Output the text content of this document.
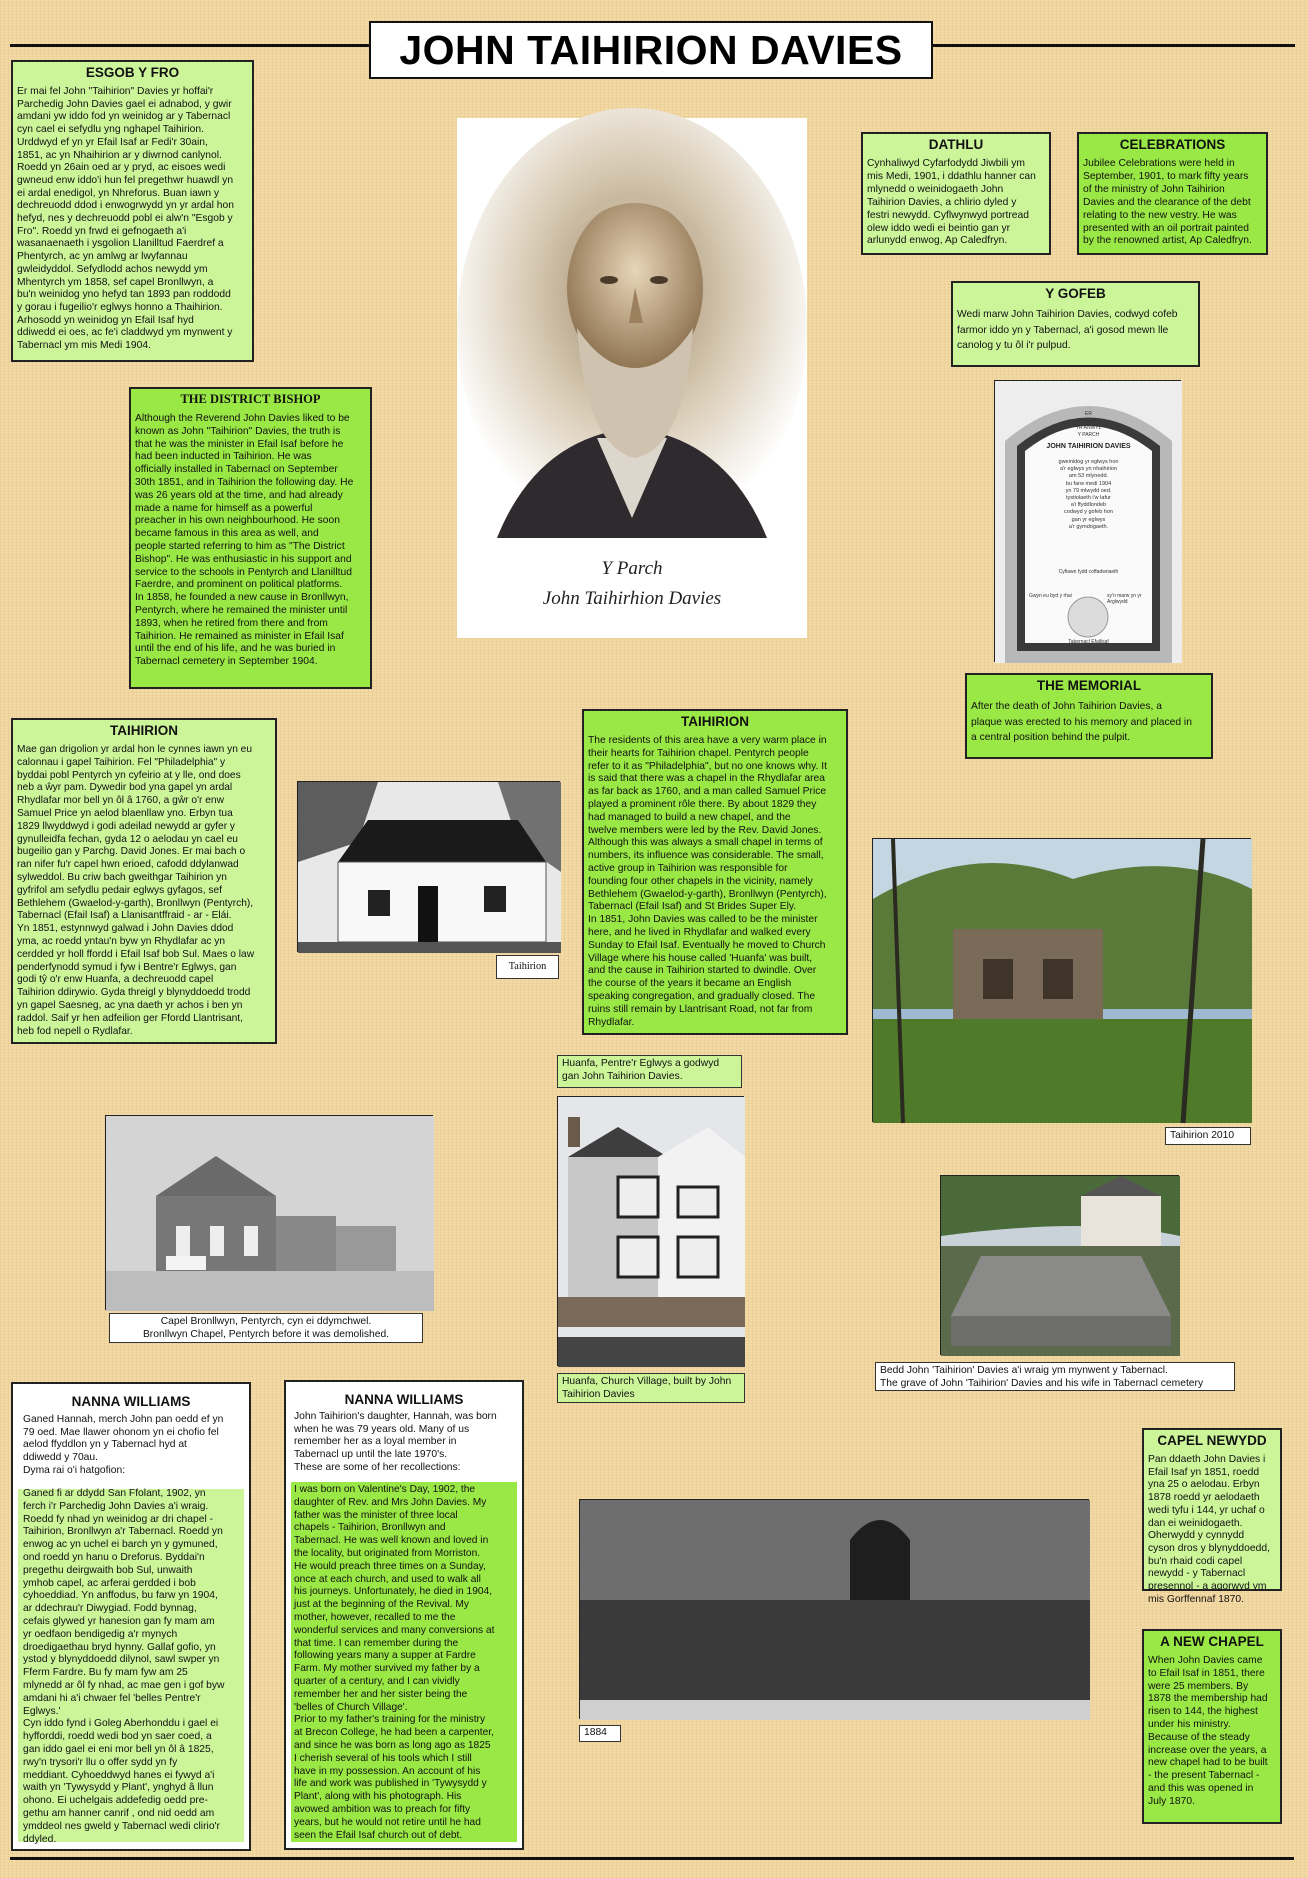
JOHN TAIHIRION DAVIES
ESGOB Y FRO

Er mai fel John "Taihirion" Davies yr hoffai'r
Parchedig John Davies gael ei adnabod, y gwir
amdani yw iddo fod yn weinidog ar y Tabernacl
cyn cael ei sefydlu yng nghapel Taihirion.
Urddwyd ef yn yr Efail Isaf ar Fedi'r 30ain,
1851, ac yn Nhaihirion ar y diwrnod canlynol.
Roedd yn 26ain oed ar y pryd, ac eisoes wedi
gwneud enw iddo'i hun fel pregethwr huawdl yn
ei ardal enedigol, yn Nhreforus. Buan iawn y
dechreuodd ddod i enwogrwydd yn yr ardal hon
hefyd, nes y dechreuodd pobl ei alw'n "Esgob y
Fro". Roedd yn frwd ei gefnogaeth a'i
wasanaenaeth i ysgolion Llanilltud Faerdref a
Phentyrch, ac yn amlwg ar lwyfannau
gwleidyddol. Sefydlodd achos newydd ym
Mhentyrch ym 1858, sef capel Bronllwyn, a
bu'n weinidog yno hefyd tan 1893 pan roddodd
y gorau i fugeilio'r eglwys honno a Thaihirion.
Arhosodd yn weinidog yn Efail Isaf hyd
ddiwedd ei oes, ac fe'i claddwyd ym mynwent y
Tabernacl ym mis Medi 1904.

THE DISTRICT BISHOP

Although the Reverend John Davies liked to be
known as John "Taihirion" Davies, the truth is
that he was the minister in Efail Isaf before he
had been inducted in Taihirion. He was
officially installed in Tabernacl on September
30th 1851, and in Taihirion the following day. He
was 26 years old at the time, and had already
made a name for himself as a powerful
preacher in his own neighbourhood. He soon
became famous in this area as well, and
people started referring to him as "The District
Bishop". He was enthusiastic in his support and
service to the schools in Pentyrch and Llanilltud
Faerdre, and prominent on political platforms.
In 1858, he founded a new cause in Bronllwyn,
Pentyrch, where he remained the minister until
1893, when he retired from there and from
Taihirion. He remained as minister in Efail Isaf
until the end of his life, and he was buried in
Tabernacl cemetery in September 1904.

Y Parch
John Taihirhion Davies
DATHLU

Cynhaliwyd Cyfarfodydd Jiwbili ym
mis Medi, 1901, i ddathlu hanner can
mlynedd o weinidogaeth John
Taihirion Davies, a chlirio dyled y
festri newydd. Cyflwynwyd portread
olew iddo wedi ei beintio gan yr
arlunydd enwog, Ap Caledfryn.

CELEBRATIONS

Jubilee Celebrations were held in
September, 1901, to mark fifty years
of the ministry of John Taihirion
Davies and the clearance of the debt
relating to the new vestry. He was
presented with an oil portrait painted
by the renowned artist, Ap Caledfryn.

Y GOFEB

Wedi marw John Taihirion Davies, codwyd cofeb
farmor iddo yn y Tabernacl, a'i gosod mewn lle
canolog y tu ôl i'r pulpud.

ER
COF AM Y
YR ANWYL
Y PARCH
JOHN TAIHIRION DAVIES
gweinidog yr eglwys hon
a'r eglwys yn nhaihirion
am 53 mlynedd.
bu farw medi 1904
yn 79 mlwydd oed.
tystiolaeth i'w lafur
a'i ffyddlondeb
codwyd y gofeb hon
gan yr eglwys
a'r gymdogaeth.
Cyfiawn fydd coffadwriaeth
Gwyn eu byd y rhai	sy'n marw yn yr Arglwydd
Tabernacl Efailisaf
THE MEMORIAL

After the death of John Taihirion Davies, a
plaque was erected to his memory and placed in
a central position behind the pulpit.

TAIHIRION

Mae gan drigolion yr ardal hon le cynnes iawn yn eu
calonnau i gapel Taihirion. Fel "Philadelphia" y
byddai pobl Pentyrch yn cyfeirio at y lle, ond does
neb a ŵyr pam. Dywedir bod yna gapel yn ardal
Rhydlafar mor bell yn ôl â 1760, a gŵr o'r enw
Samuel Price yn aelod blaenllaw yno. Erbyn tua
1829 llwyddwyd i godi adeilad newydd ar gyfer y
gynulleidfa fechan, gyda 12 o aelodau yn cael eu
bugeilio gan y Parchg. David Jones. Er mai bach o
ran nifer fu'r capel hwn erioed, cafodd ddylanwad
sylweddol. Bu criw bach gweithgar Taihirion yn
gyfrifol am sefydlu pedair eglwys gyfagos, sef
Bethlehem (Gwaelod-y-garth), Bronllwyn (Pentyrch),
Tabernacl (Efail Isaf) a Llanisantffraid - ar - Elái.
Yn 1851, estynnwyd galwad i John Davies ddod
yma, ac roedd yntau'n byw yn Rhydlafar ac yn
cerdded yr holl ffordd i Efail Isaf bob Sul. Maes o law
penderfynodd symud i fyw i Bentre'r Eglwys, gan
godi tŷ o'r enw Huanfa, a dechreuodd capel
Taihirion ddirywio. Gyda threigl y blynyddoedd trodd
yn gapel Saesneg, ac yna daeth yr achos i ben yn
raddol. Saif yr hen adfeilion ger Ffordd Llantrisant,
heb fod nepell o Rydlafar.

Taihirion
TAIHIRION

The residents of this area have a very warm place in
their hearts for Taihirion chapel. Pentyrch people
refer to it as "Philadelphia", but no one knows why. It
is said that there was a chapel in the Rhydlafar area
as far back as 1760, and a man called Samuel Price
played a prominent rôle there. By about 1829 they
had managed to build a new chapel, and the
twelve members were led by the Rev. David Jones.
Although this was always a small chapel in terms of
numbers, its influence was considerable. The small,
active group in Taihirion was responsible for
founding four other chapels in the vicinity, namely
Bethlehem (Gwaelod-y-garth), Bronllwyn (Pentyrch),
Tabernacl (Efail Isaf) and St Brides Super Ely.
In 1851, John Davies was called to be the minister
here, and he lived in Rhydlafar and walked every
Sunday to Efail Isaf. Eventually he moved to Church
Village where his house called 'Huanfa' was built,
and the cause in Taihirion started to dwindle. Over
the course of the years it became an English
speaking congregation, and gradually closed. The
ruins still remain by Llantrisant Road, not far from
Rhydlafar.

Taihirion 2010
Huanfa, Pentre'r Eglwys a godwyd
gan John Taihirion Davies.
Huanfa, Church Village, built by John
Taihirion Davies
Capel Bronllwyn, Pentyrch, cyn ei ddymchwel.
Bronllwyn Chapel, Pentyrch before it was demolished.
Bedd John 'Taihirion' Davies a'i wraig ym mynwent y Tabernacl.
The grave of John 'Taihirion' Davies and his wife in Tabernacl cemetery
NANNA WILLIAMS

Ganed Hannah, merch John pan oedd ef yn
79 oed. Mae llawer ohonom yn ei chofio fel
aelod ffyddlon yn y Tabernacl hyd at
ddiwedd y 70au.
Dyma rai o'i hatgofion:

Ganed fi ar ddydd San Ffolant, 1902, yn
ferch i'r Parchedig John Davies a'i wraig.
Roedd fy nhad yn weinidog ar dri chapel -
Taihirion, Bronllwyn a'r Tabernacl. Roedd yn
enwog ac yn uchel ei barch yn y gymuned,
ond roedd yn hanu o Dreforus. Byddai'n
pregethu deirgwaith bob Sul, unwaith
ymhob capel, ac arferai gerdded i bob
cyhoeddiad. Yn anffodus, bu farw yn 1904,
ar ddechrau'r Diwygiad. Fodd bynnag,
cefais glywed yr hanesion gan fy mam am
yr oedfaon bendigedig a'r mynych
droedigaethau bryd hynny. Gallaf gofio, yn
ystod y blynyddoedd dilynol, sawl swper yn
Fferm Fardre. Bu fy mam fyw am 25
mlynedd ar ôl fy nhad, ac mae gen i gof byw
amdani hi a'i chwaer fel 'belles Pentre'r
Eglwys.'
Cyn iddo fynd i Goleg Aberhonddu i gael ei
hyfforddi, roedd wedi bod yn saer coed, a
gan iddo gael ei eni mor bell yn ôl â 1825,
rwy'n trysori'r llu o offer sydd yn fy
meddiant. Cyhoeddwyd hanes ei fywyd a'i
waith yn 'Tywysydd y Plant', ynghyd â llun
ohono. Ei uchelgais addefedig oedd pre-
gethu am hanner canrif , ond nid oedd am
ymddeol nes gweld y Tabernacl wedi clirio'r
ddyled.

NANNA WILLIAMS

John Taihirion's daughter, Hannah, was born
when he was 79 years old. Many of us
remember her as a loyal member in
Tabernacl up until the late 1970's.
These are some of her recollections:

I was born on Valentine's Day, 1902, the
daughter of Rev. and Mrs John Davies. My
father was the minister of three local
chapels - Taihirion, Bronllwyn and
Tabernacl. He was well known and loved in
the locality, but originated from Morriston.
He would preach three times on a Sunday,
once at each church, and used to walk all
his journeys. Unfortunately, he died in 1904,
just at the beginning of the Revival. My
mother, however, recalled to me the
wonderful services and many conversions at
that time. I can remember during the
following years many a supper at Fardre
Farm. My mother survived my father by a
quarter of a century, and I can vividly
remember her and her sister being the
'belles of Church Village'.
Prior to my father's training for the ministry
at Brecon College, he had been a carpenter,
and since he was born as long ago as 1825
I cherish several of his tools which I still
have in my possession. An account of his
life and work was published in 'Tywysydd y
Plant', along with his photograph. His
avowed ambition was to preach for fifty
years, but he would not retire until he had
seen the Efail Isaf church out of debt.

1884
CAPEL NEWYDD

Pan ddaeth John Davies i
Efail Isaf yn 1851, roedd
yna 25 o aelodau. Erbyn
1878 roedd yr aelodaeth
wedi tyfu i 144, yr uchaf o
dan ei weinidogaeth.
Oherwydd y cynnydd
cyson dros y blynyddoedd,
bu'n rhaid codi capel
newydd - y Tabernacl
presennol - a agorwyd ym
mis Gorffennaf 1870.

A NEW CHAPEL

When John Davies came
to Efail Isaf in 1851, there
were 25 members. By
1878 the membership had
risen to 144, the highest
under his ministry.
Because of the steady
increase over the years, a
new chapel had to be built
- the present Tabernacl -
and this was opened in
July 1870.
